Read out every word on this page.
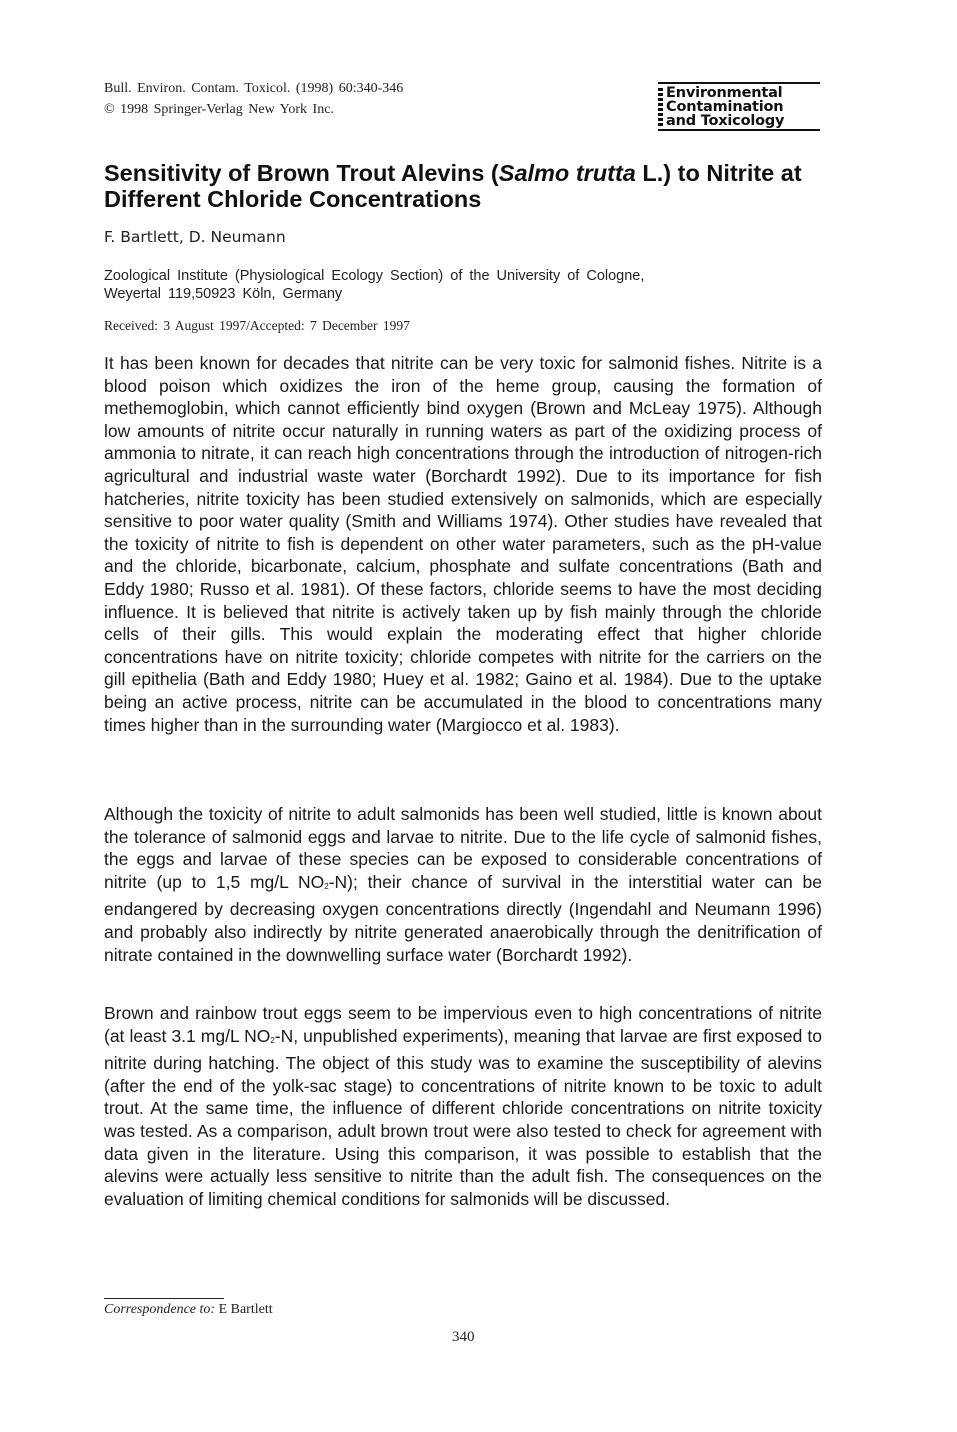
Bull. Environ. Contam. Toxicol. (1998) 60:340-346
© 1998 Springer-Verlag New York Inc.
Environmental
Contamination
and Toxicology
Sensitivity of Brown Trout Alevins (Salmo trutta L.) to Nitrite at Different Chloride Concentrations
F. Bartlett, D. Neumann
Zoological Institute (Physiological Ecology Section) of the University of Cologne,
Weyertal 119,50923 Köln, Germany
Received: 3 August 1997/Accepted: 7 December 1997

It has been known for decades that nitrite can be very toxic for salmonid fishes. Nitrite is a blood poison which oxidizes the iron of the heme group, causing the formation of methemoglobin, which cannot efficiently bind oxygen (Brown and McLeay 1975). Although low amounts of nitrite occur naturally in running waters as part of the oxidizing process of ammonia to nitrate, it can reach high concentrations through the introduction of nitrogen-rich agricultural and industrial waste water (Borchardt 1992). Due to its importance for fish hatcheries, nitrite toxicity has been studied extensively on salmonids, which are especially sensitive to poor water quality (Smith and Williams 1974). Other studies have revealed that the toxicity of nitrite to fish is dependent on other water parameters, such as the pH-value and the chloride, bicarbonate, calcium, phosphate and sulfate concentrations (Bath and Eddy 1980; Russo et al. 1981). Of these factors, chloride seems to have the most deciding influence. It is believed that nitrite is actively taken up by fish mainly through the chloride cells of their gills. This would explain the moderating effect that higher chloride concentrations have on nitrite toxicity; chloride competes with nitrite for the carriers on the gill epithelia (Bath and Eddy 1980; Huey et al. 1982; Gaino et al. 1984). Due to the uptake being an active process, nitrite can be accumulated in the blood to concentrations many times higher than in the surrounding water (Margiocco et al. 1983).

Although the toxicity of nitrite to adult salmonids has been well studied, little is known about the tolerance of salmonid eggs and larvae to nitrite. Due to the life cycle of salmonid fishes, the eggs and larvae of these species can be exposed to considerable concentrations of nitrite (up to 1,5 mg/L $NO_2-N$); their chance of survival in the interstitial water can be endangered by decreasing oxygen concentrations directly (Ingendahl and Neumann 1996) and probably also indirectly by nitrite generated anaerobically through the denitrification of nitrate contained in the downwelling surface water (Borchardt 1992).

Brown and rainbow trout eggs seem to be impervious even to high concentrations of nitrite (at least 3.1 mg/L $NO_2-N$, unpublished experiments), meaning that larvae are first exposed to nitrite during hatching. The object of this study was to examine the susceptibility of alevins (after the end of the yolk-sac stage) to concentrations of nitrite known to be toxic to adult trout. At the same time, the influence of different chloride concentrations on nitrite toxicity was tested. As a comparison, adult brown trout were also tested to check for agreement with data given in the literature. Using this comparison, it was possible to establish that the alevins were actually less sensitive to nitrite than the adult fish. The consequences on the evaluation of limiting chemical conditions for salmonids will be discussed.

Correspondence to: E Bartlett
340
